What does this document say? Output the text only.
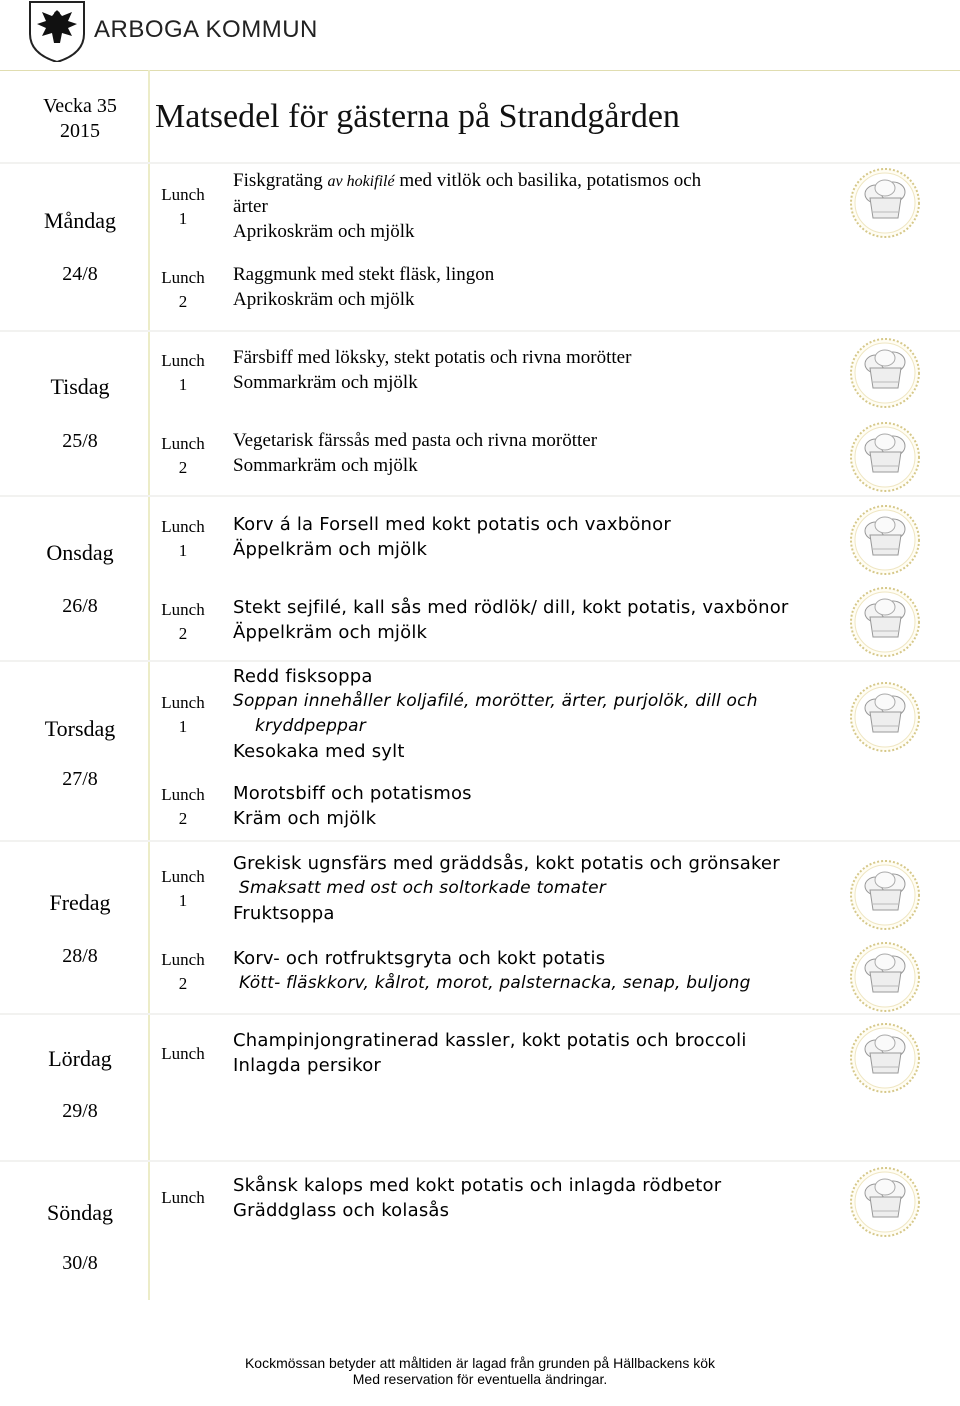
ARBOGA KOMMUN
Vecka 35
2015	Matsedel för gästerna på Strandgården
Måndag
24/8
Lunch
1
Fiskgratäng av hokifilé med vitlök och basilika, potatismos och
ärter
Aprikoskräm och mjölk
Lunch
2
Raggmunk med stekt fläsk, lingon
Aprikoskräm och mjölk
Tisdag
25/8
Lunch
1
Färsbiff med löksky, stekt potatis och rivna morötter
Sommarkräm och mjölk
Lunch
2
Vegetarisk färssås med pasta och rivna morötter
Sommarkräm och mjölk
Onsdag
26/8
Lunch
1
Korv á la Forsell med kokt potatis och vaxbönor
Äppelkräm och mjölk
Lunch
2
Stekt sejfilé, kall sås med rödlök/ dill, kokt potatis, vaxbönor
Äppelkräm och mjölk
Torsdag
27/8
Lunch
1
Redd fisksoppa
Soppan innehåller koljafilé, morötter, ärter, purjolök, dill och
kryddpeppar
Kesokaka med sylt
Lunch
2
Morotsbiff och potatismos
Kräm och mjölk
Fredag
28/8
Lunch
1
Grekisk ugnsfärs med gräddsås, kokt potatis och grönsaker
Smaksatt med ost och soltorkade tomater
Fruktsoppa
Lunch
2
Korv- och rotfruktsgryta och kokt potatis
Kött- fläskkorv, kålrot, morot, palsternacka, senap, buljong
Lördag
29/8
Lunch
Champinjongratinerad kassler, kokt potatis och broccoli
Inlagda persikor
Söndag
30/8
Lunch
Skånsk kalops med kokt potatis och inlagda rödbetor
Gräddglass och kolasås
Kockmössan betyder att måltiden är lagad från grunden på Hällbackens kök
Med reservation för eventuella ändringar.
